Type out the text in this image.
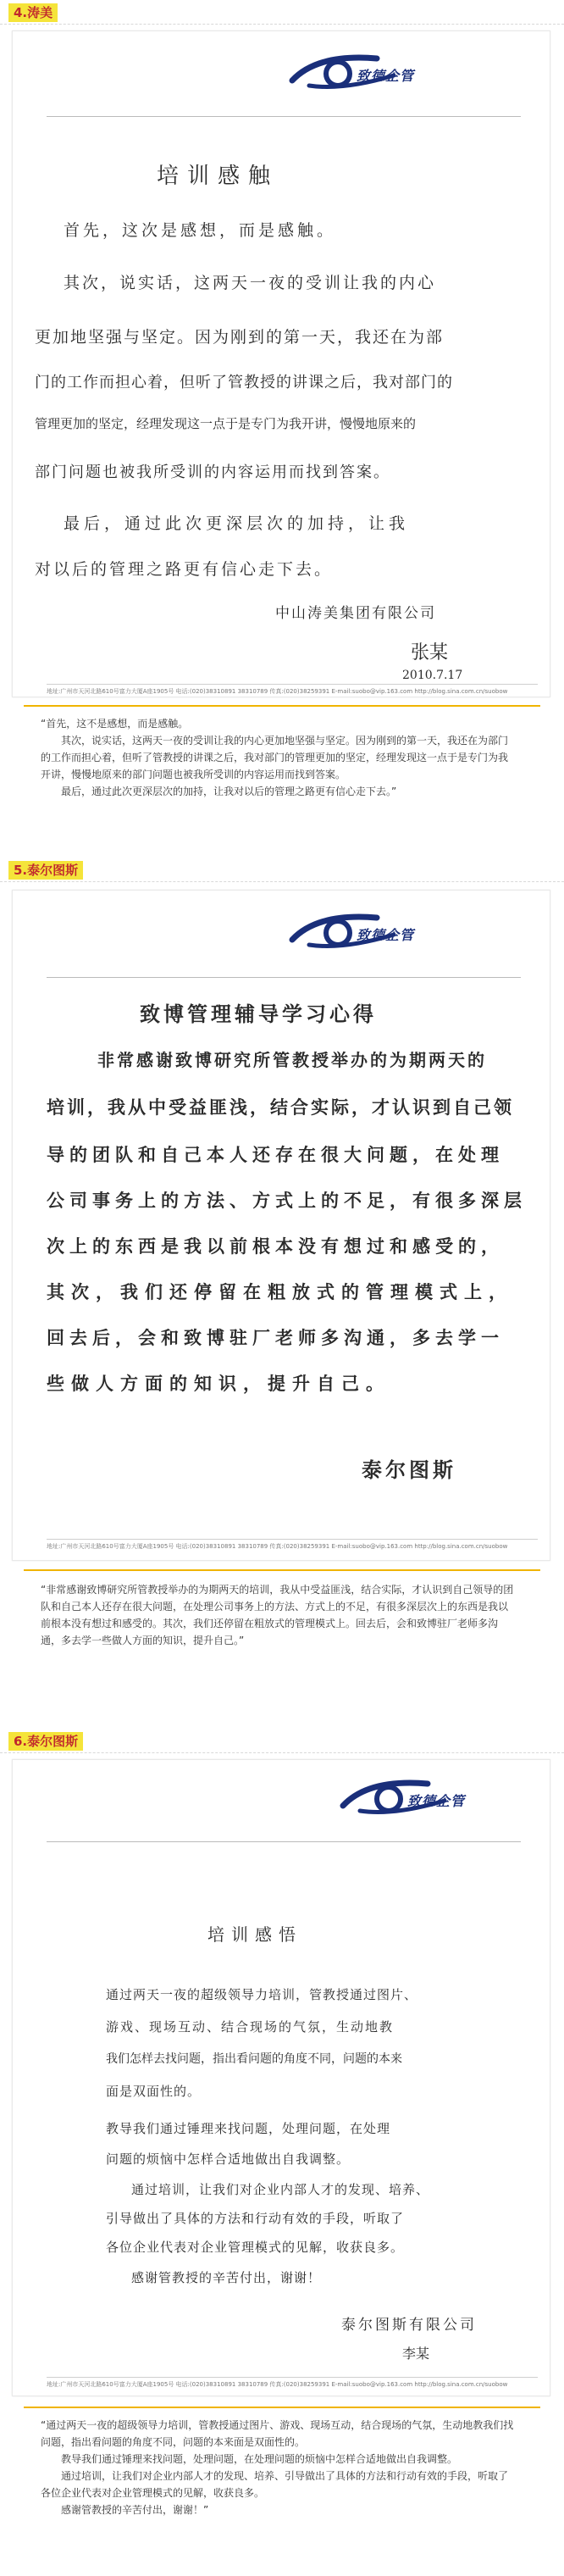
4.涛美
致德企管
培训感触
首先，这次是感想，而是感触。
其次，说实话，这两天一夜的受训让我的内心
更加地坚强与坚定。因为刚到的第一天，我还在为部
门的工作而担心着，但听了管教授的讲课之后，我对部门的
管理更加的坚定，经理发现这一点于是专门为我开讲，慢慢地原来的
部门问题也被我所受训的内容运用而找到答案。
最后，通过此次更深层次的加持，让我
对以后的管理之路更有信心走下去。
中山涛美集团有限公司
张某
2010.7.17
地址:广州市天河北路610号富力大厦A座1905号 电话:(020)38310891 38310789 传真:(020)38259391 E-mail:suobo@vip.163.com http://blog.sina.com.cn/suobow
“首先，这不是感想，而是感触。
其次，说实话，这两天一夜的受训让我的内心更加地坚强与坚定。因为刚到的第一天，我还在为部门的工作而担心着，但听了管教授的讲课之后，我对部门的管理更加的坚定，经理发现这一点于是专门为我开讲，慢慢地原来的部门问题也被我所受训的内容运用而找到答案。
最后，通过此次更深层次的加持，让我对以后的管理之路更有信心走下去。”
5.泰尔图斯
致德企管
致博管理辅导学习心得
非常感谢致博研究所管教授举办的为期两天的
培训，我从中受益匪浅，结合实际，才认识到自己领
导的团队和自己本人还存在很大问题，在处理
公司事务上的方法、方式上的不足，有很多深层
次上的东西是我以前根本没有想过和感受的，
其次，我们还停留在粗放式的管理模式上，
回去后，会和致博驻厂老师多沟通，多去学一
些做人方面的知识，提升自己。
泰尔图斯
地址:广州市天河北路610号富力大厦A座1905号 电话:(020)38310891 38310789 传真:(020)38259391 E-mail:suobo@vip.163.com http://blog.sina.com.cn/suobow
“非常感谢致博研究所管教授举办的为期两天的培训，我从中受益匪浅，结合实际，才认识到自己领导的团队和自己本人还存在很大问题，在处理公司事务上的方法、方式上的不足，有很多深层次上的东西是我以前根本没有想过和感受的。其次，我们还停留在粗放式的管理模式上。回去后，会和致博驻厂老师多沟通，多去学一些做人方面的知识，提升自己。”
6.泰尔图斯
致德企管
培训感悟
通过两天一夜的超级领导力培训，管教授通过图片、
游戏、现场互动、结合现场的气氛，生动地教
我们怎样去找问题，指出看问题的角度不同，问题的本来
面是双面性的。
教导我们通过锤理来找问题，处理问题，在处理
问题的烦恼中怎样合适地做出自我调整。
通过培训，让我们对企业内部人才的发现、培养、
引导做出了具体的方法和行动有效的手段，听取了
各位企业代表对企业管理模式的见解，收获良多。
感谢管教授的辛苦付出，谢谢！
泰尔图斯有限公司
李某
地址:广州市天河北路610号富力大厦A座1905号 电话:(020)38310891 38310789 传真:(020)38259391 E-mail:suobo@vip.163.com http://blog.sina.com.cn/suobow
“通过两天一夜的超级领导力培训，管教授通过图片、游戏、现场互动，结合现场的气氛，生动地教我们找问题，指出看问题的角度不同，问题的本来面是双面性的。
教导我们通过锤理来找问题，处理问题，在处理问题的烦恼中怎样合适地做出自我调整。
通过培训，让我们对企业内部人才的发现、培养、引导做出了具体的方法和行动有效的手段，听取了各位企业代表对企业管理模式的见解，收获良多。
感谢管教授的辛苦付出，谢谢！”
